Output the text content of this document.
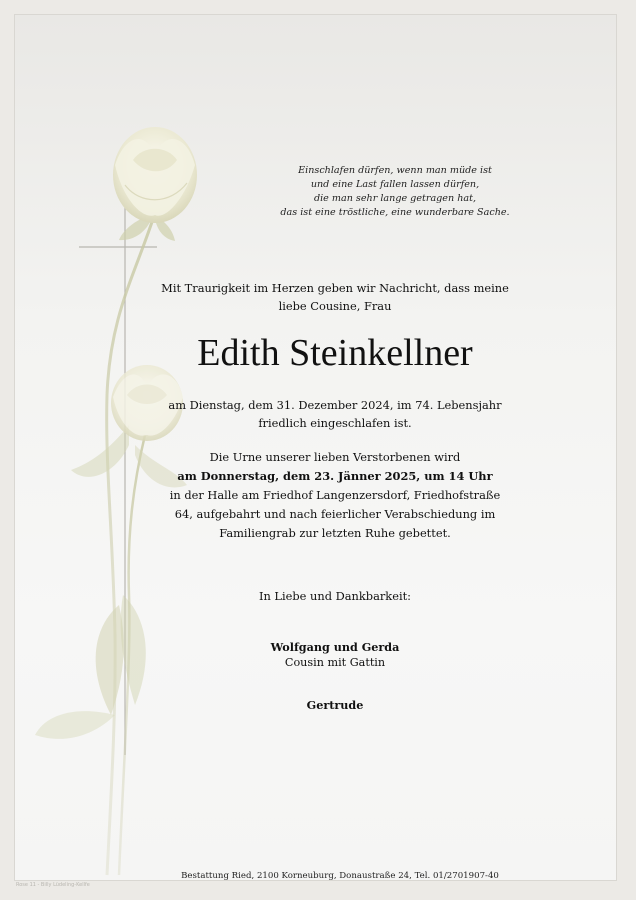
Einschlafen dürfen, wenn man müde ist
und eine Last fallen lassen dürfen,
die man sehr lange getragen hat,
das ist eine tröstliche, eine wunderbare Sache.
Mit Traurigkeit im Herzen geben wir Nachricht, dass meine
liebe Cousine, Frau
Edith Steinkellner
am Dienstag, dem 31. Dezember 2024, im 74. Lebensjahr
friedlich eingeschlafen ist.
Die Urne unserer lieben Verstorbenen wird
am Donnerstag, dem 23. Jänner 2025, um 14 Uhr
in der Halle am Friedhof Langenzersdorf, Friedhofstraße
64, aufgebahrt und nach feierlicher Verabschiedung im
Familiengrab zur letzten Ruhe gebettet.
In Liebe und Dankbarkeit:
Wolfgang und Gerda
Cousin mit Gattin
Gertrude
Bestattung Ried, 2100 Korneuburg, Donaustraße 24, Tel. 01/2701907-40
Rose 11 - Billy Lüdeling-Kellfe
